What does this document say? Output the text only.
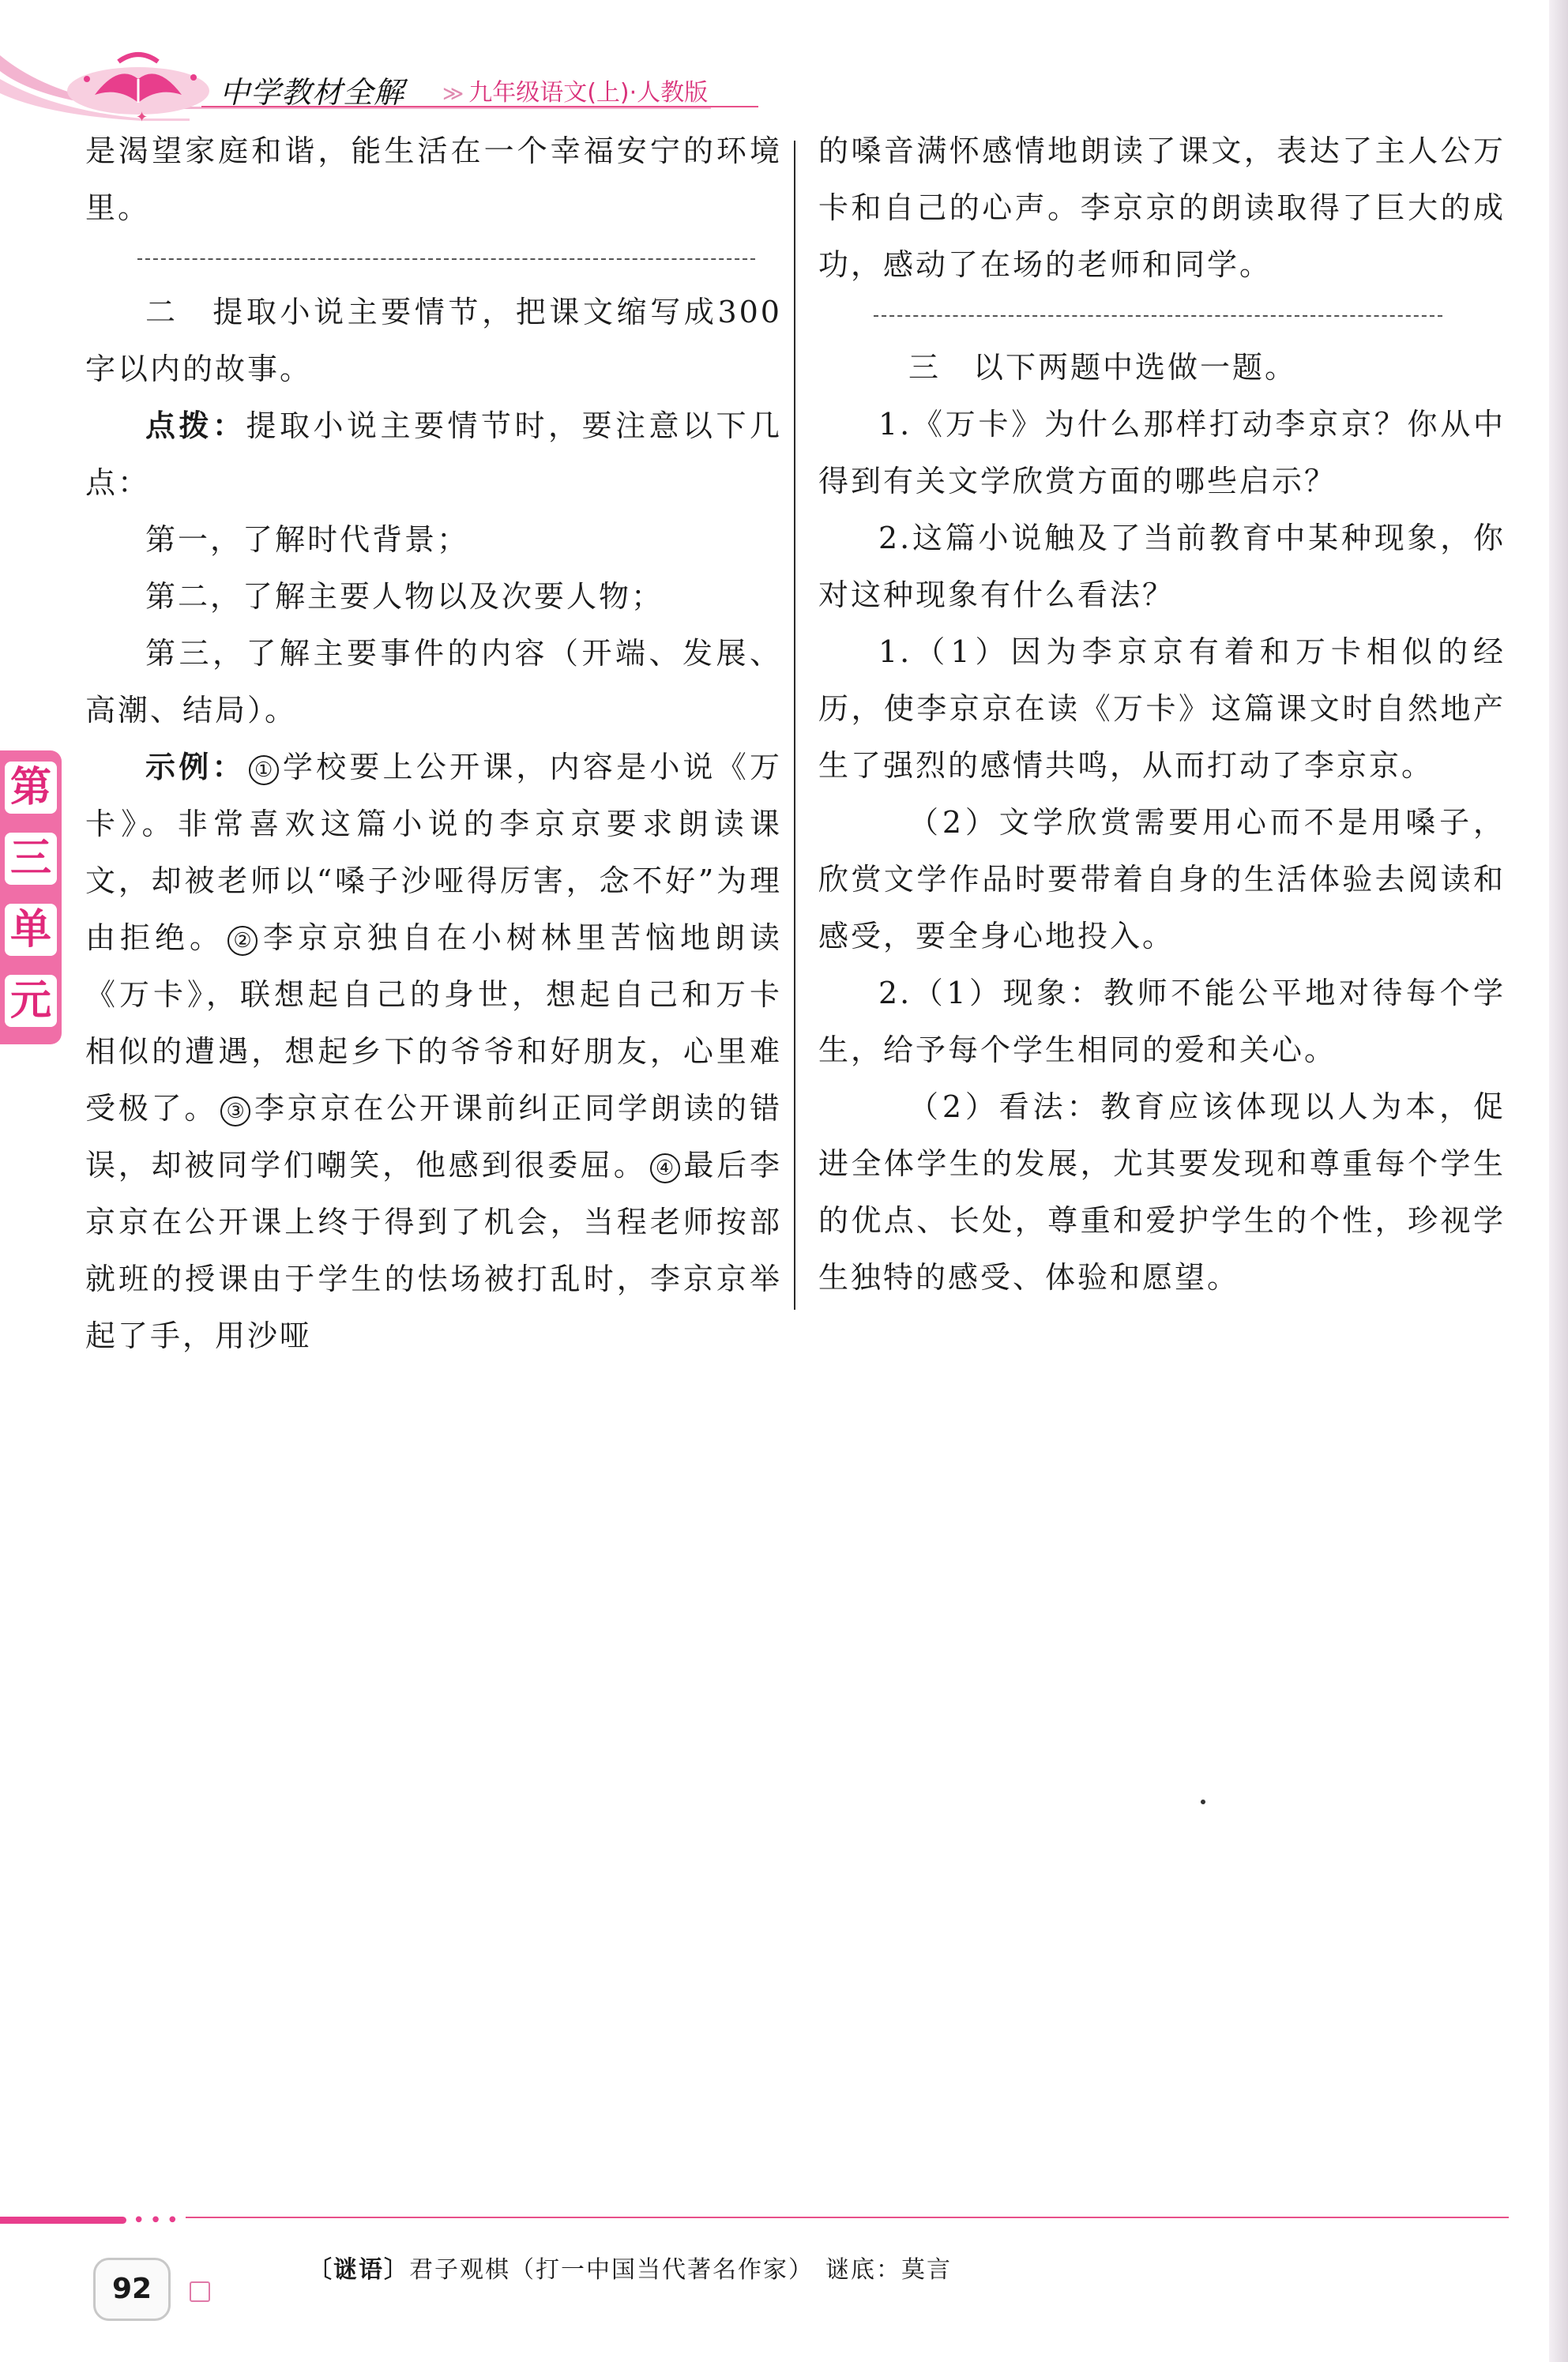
中学教材全解 ≫ 九年级语文(上)·人教版
✦
第
三
单
元

是渴望家庭和谐，能生活在一个幸福安宁的环境里。

二　提取小说主要情节，把课文缩写成300字以内的故事。

点拨：提取小说主要情节时，要注意以下几点：

第一，了解时代背景；

第二，了解主要人物以及次要人物；

第三，了解主要事件的内容（开端、发展、高潮、结局）。

示例： ① 学校要上公开课，内容是小说《万卡》。非常喜欢这篇小说的李京京要求朗读课文，却被老师以“嗓子沙哑得厉害，念不好”为理由拒绝。 ② 李京京独自在小树林里苦恼地朗读《万卡》，联想起自己的身世，想起自己和万卡相似的遭遇，想起乡下的爷爷和好朋友，心里难受极了。 ③ 李京京在公开课前纠正同学朗读的错误，却被同学们嘲笑，他感到很委屈。 ④ 最后李京京在公开课上终于得到了机会，当程老师按部就班的授课由于学生的怯场被打乱时，李京京举起了手，用沙哑

的嗓音满怀感情地朗读了课文，表达了主人公万卡和自己的心声。李京京的朗读取得了巨大的成功，感动了在场的老师和同学。

三　以下两题中选做一题。

1.《万卡》为什么那样打动李京京？你从中得到有关文学欣赏方面的哪些启示？

2.这篇小说触及了当前教育中某种现象，你对这种现象有什么看法？

1.（1）因为李京京有着和万卡相似的经历，使李京京在读《万卡》这篇课文时自然地产生了强烈的感情共鸣，从而打动了李京京。

（2）文学欣赏需要用心而不是用嗓子，欣赏文学作品时要带着自身的生活体验去阅读和感受，要全身心地投入。

2.（1）现象：教师不能公平地对待每个学生，给予每个学生相同的爱和关心。

（2）看法：教育应该体现以人为本，促进全体学生的发展，尤其要发现和尊重每个学生的优点、长处，尊重和爱护学生的个性，珍视学生独特的感受、体验和愿望。

•••
92
〔谜语〕君子观棋（打一中国当代著名作家） 谜底：莫言
